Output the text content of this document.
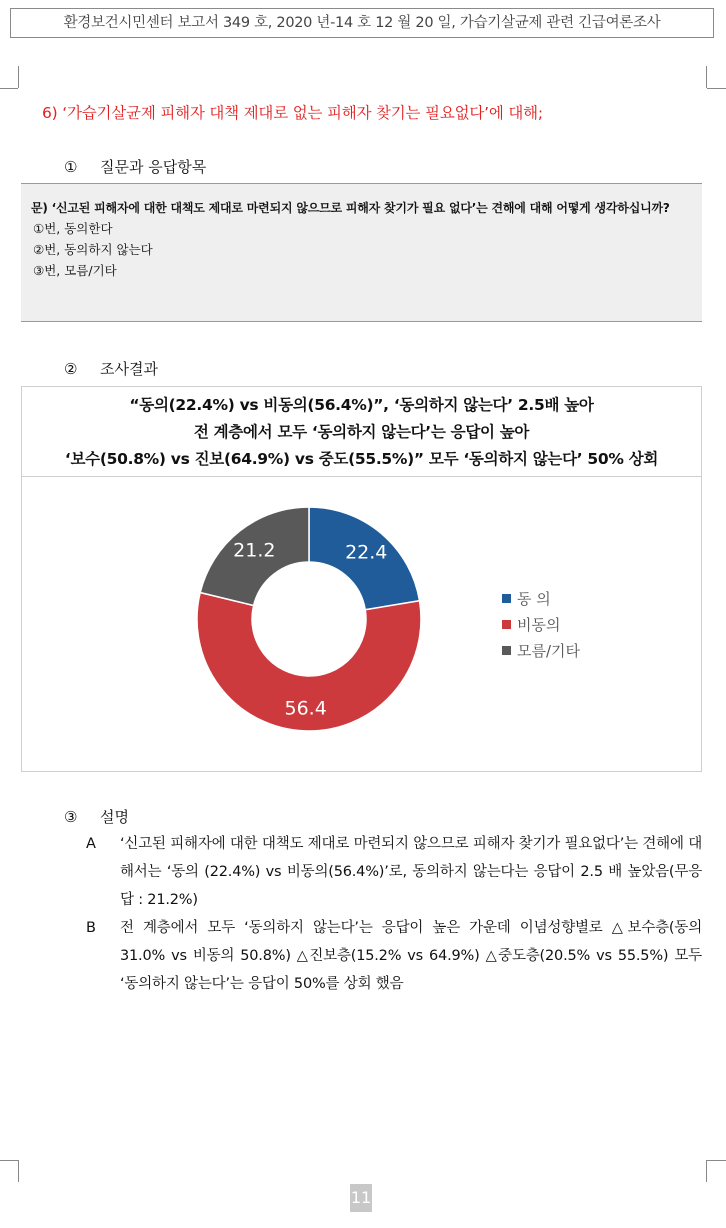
환경보건시민센터 보고서 349 호, 2020 년-14 호 12 월 20 일, 가습기살균제 관련 긴급여론조사
6) ‘가습기살균제 피해자 대책 제대로 없는 피해자 찾기는 필요없다’에 대해;
① 질문과 응답항목
문) ‘신고된 피해자에 대한 대책도 제대로 마련되지 않으므로 피해자 찾기가 필요 없다’는 견해에 대해 어떻게 생각하십니까?
①번, 동의한다
②번, 동의하지 않는다
③번, 모름/기타
② 조사결과
“동의(22.4%) vs 비동의(56.4%)”, ‘동의하지 않는다’ 2.5배 높아
전 계층에서 모두 ‘동의하지 않는다’는 응답이 높아
‘보수(50.8%) vs 진보(64.9%) vs 중도(55.5%)” 모두 ‘동의하지 않는다’ 50% 상회
22.4
56.4
21.2
동 의
비동의
모름/기타
③ 설명
A ‘신고된 피해자에 대한 대책도 제대로 마련되지 않으므로 피해자 찾기가 필요없다’는 견해에 대해서는 ‘동의 (22.4%) vs 비동의(56.4%)’로, 동의하지 않는다는 응답이 2.5 배 높았음(무응답 : 21.2%)
B 전 계층에서 모두 ‘동의하지 않는다’는 응답이 높은 가운데 이념성향별로 △보수층(동의 31.0% vs 비동의 50.8%) △진보층(15.2% vs 64.9%) △중도층(20.5% vs 55.5%) 모두 ‘동의하지 않는다’는 응답이 50%를 상회 했음
11
